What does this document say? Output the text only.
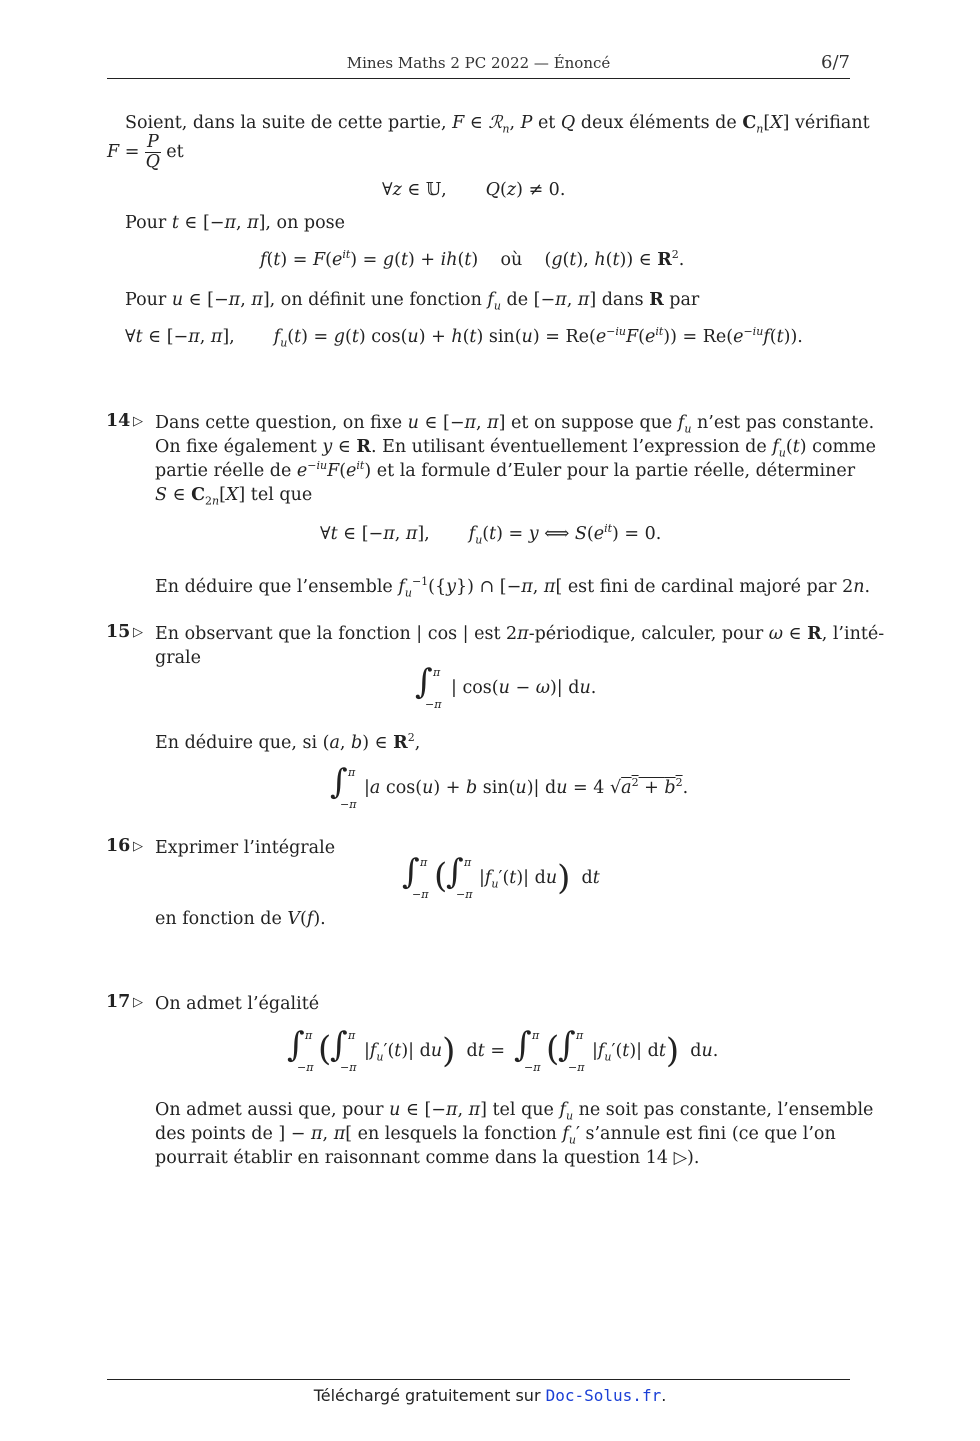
Mines Maths 2 PC 2022 — Énoncé	6/7
Soient, dans la suite de cette partie, F ∈ ℛ$_n$, P et Q deux éléments de $C_n[X]$ vérifiant
$F = \frac{P}{Q}$ et
∀z ∈ 𝕌,       Q(z) ≠ 0.
Pour t ∈ [−π, π], on pose
$f(t) = F(e^{it}) = g(t) + ih(t)$    où    (g(t), h(t)) ∈ $R^2$.
Pour u ∈ [−π, π], on définit une fonction $f_u$ de [−π, π] dans R par
∀t ∈ [−π, π],       $f_u(t) = g(t) \cos(u) + h(t) \sin(u) = Re(e^{-iu}F(e^{it})) = Re(e^{-iu}f(t))$.
14 ▷ Dans cette question, on fixe u ∈ [−π, π] et on suppose que $f_u$ n’est pas constante.
On fixe également y ∈ R. En utilisant éventuellement l’expression de $f_u(t)$ comme
partie réelle de $e^{-iu}F(e^{it})$ et la formule d’Euler pour la partie réelle, déterminer
S ∈ $C_{2n}[X]$ tel que
∀t ∈ [−π, π],       $f_u(t) = y$ ⟺ $S(e^{it}) = 0$.
En déduire que l’ensemble $f_u^{-1}(\{y\})$ ∩ [−π, π[ est fini de cardinal majoré par 2n.
15 ▷ En observant que la fonction | cos | est 2π-périodique, calculer, pour ω ∈ R, l’inté-
grale
∫ π
−π
| cos(u − ω)| du.
En déduire que, si (a, b) ∈ $R^2$,
∫ π
−π
|a cos(u) + b sin(u)| du = 4 $√a^2 + b^2$.
16 ▷ Exprimer l’intégrale
∫ π
−π (
∫ π
−π
$|f_u'(t)|$ du)  dt
en fonction de V(f).
17 ▷ On admet l’égalité
∫ π
−π (
∫ π
−π
$|f_u'(t)|$ du)  dt = ∫ π
−π (
∫ π
−π
$|f_u'(t)|$ dt)  du.
On admet aussi que, pour u ∈ [−π, π] tel que $f_u$ ne soit pas constante, l’ensemble
des points de ] − π, π[ en lesquels la fonction $f_u'$ s’annule est fini (ce que l’on
pourrait établir en raisonnant comme dans la question 14 ▷).
Téléchargé gratuitement sur Doc-Solus.fr.
